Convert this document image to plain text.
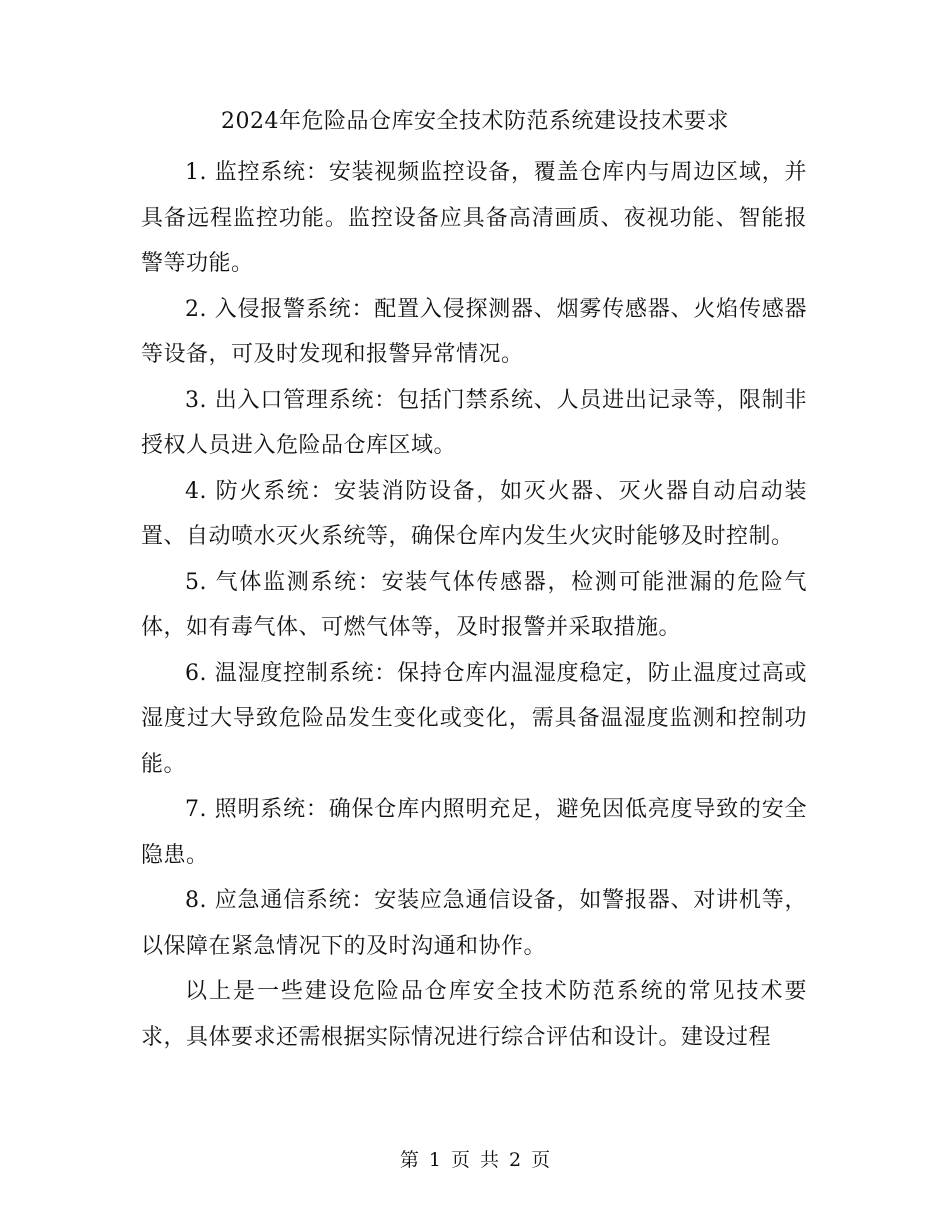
2024年危险品仓库安全技术防范系统建设技术要求

1. 监控系统：安装视频监控设备，覆盖仓库内与周边区域，并具备远程监控功能。监控设备应具备高清画质、夜视功能、智能报警等功能。

2. 入侵报警系统：配置入侵探测器、烟雾传感器、火焰传感器等设备，可及时发现和报警异常情况。

3. 出入口管理系统：包括门禁系统、人员进出记录等，限制非授权人员进入危险品仓库区域。

4. 防火系统：安装消防设备，如灭火器、灭火器自动启动装置、自动喷水灭火系统等，确保仓库内发生火灾时能够及时控制。

5. 气体监测系统：安装气体传感器，检测可能泄漏的危险气体，如有毒气体、可燃气体等，及时报警并采取措施。

6. 温湿度控制系统：保持仓库内温湿度稳定，防止温度过高或湿度过大导致危险品发生变化或变化，需具备温湿度监测和控制功能。

7. 照明系统：确保仓库内照明充足，避免因低亮度导致的安全隐患。

8. 应急通信系统：安装应急通信设备，如警报器、对讲机等，以保障在紧急情况下的及时沟通和协作。

以上是一些建设危险品仓库安全技术防范系统的常见技术要求，具体要求还需根据实际情况进行综合评估和设计。建设过程

第 1 页 共 2 页
